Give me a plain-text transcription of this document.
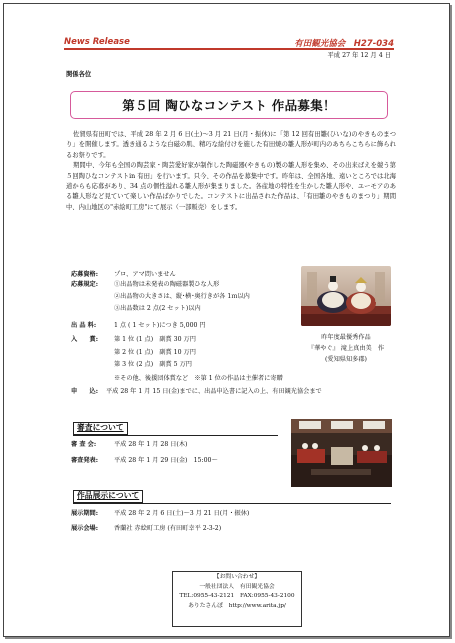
News Release	有田観光協会　H27-034
平成 27 年 12 月 4 日
関係各位
第５回 陶ひなコンテスト 作品募集！

佐賀県有田町では、平成 28 年 2 月 6 日(土)～3 月 21 日(月・振休)に「第 12 回有田雛(ひいな)のやきものまつり」を開催します。透き通るような白磁の肌、精巧な絵付けを施した有田焼の雛人形が町内のあちらこちらに飾られるお祭りです。

期間中、今年も全国の陶芸家・陶芸愛好家が制作した陶磁器(やきもの)製の雛人形を集め、その出来ばえを競う第５回陶ひなコンテストin 有田」を行います。只今、その作品を募集中です。昨年は、全国各地、遠いところでは北海道からも応募があり、34 点の個性溢れる雛人形が集まりました。各産地の特性を生かした雛人形や、ユーモアのある雛人形など見ていて楽しい作品ばかりでした。コンテストに出品された作品は、「有田雛のやきものまつり」期間中、内山地区の"赤絵町工房"にて展示（一部販売）をします。

応募資格:	プロ、アマ問いません
応募規定:	①出品物は未発表の陶磁器製ひな人形
②出品物の大きさは、縦･横･奥行きが各 1ｍ以内
③出品数は 2 点(2 セット)以内
出 品 料:	1 点 ( 1 セット)につき 5,000 円
入　　賞:	第 1 位 (1 点)　副賞 30 万円
第 2 位 (1 点)　副賞 10 万円
第 3 位 (2 点)　副賞 5 万円
※その他、後援団体賞など　※第 1 位の作品は主催者に寄贈
申　　込: 平成 28 年 1 月 15 日(金)までに、出品申込書に記入の上、有田観光協会まで
昨年度最優秀作品
『華やぐ』 滝上真由美　作
(愛知県知多郡)
審査について
審 査 会:	平成 28 年 1 月 28 日(木)
審査発表:	平成 28 年 1 月 29 日(金)　15:00～
作品展示について
展示期間:	平成 28 年 2 月 6 日(土)～3 月 21 日(月・振休)
展示会場:	香蘭社 赤絵町工房 (有田町幸平 2-3-2)
【お問い合わせ】
一般社団法人　有田観光協会
TEL:0955-43-2121　FAX:0955-43-2100
ありたさんぽ　http://www.arita.jp/
